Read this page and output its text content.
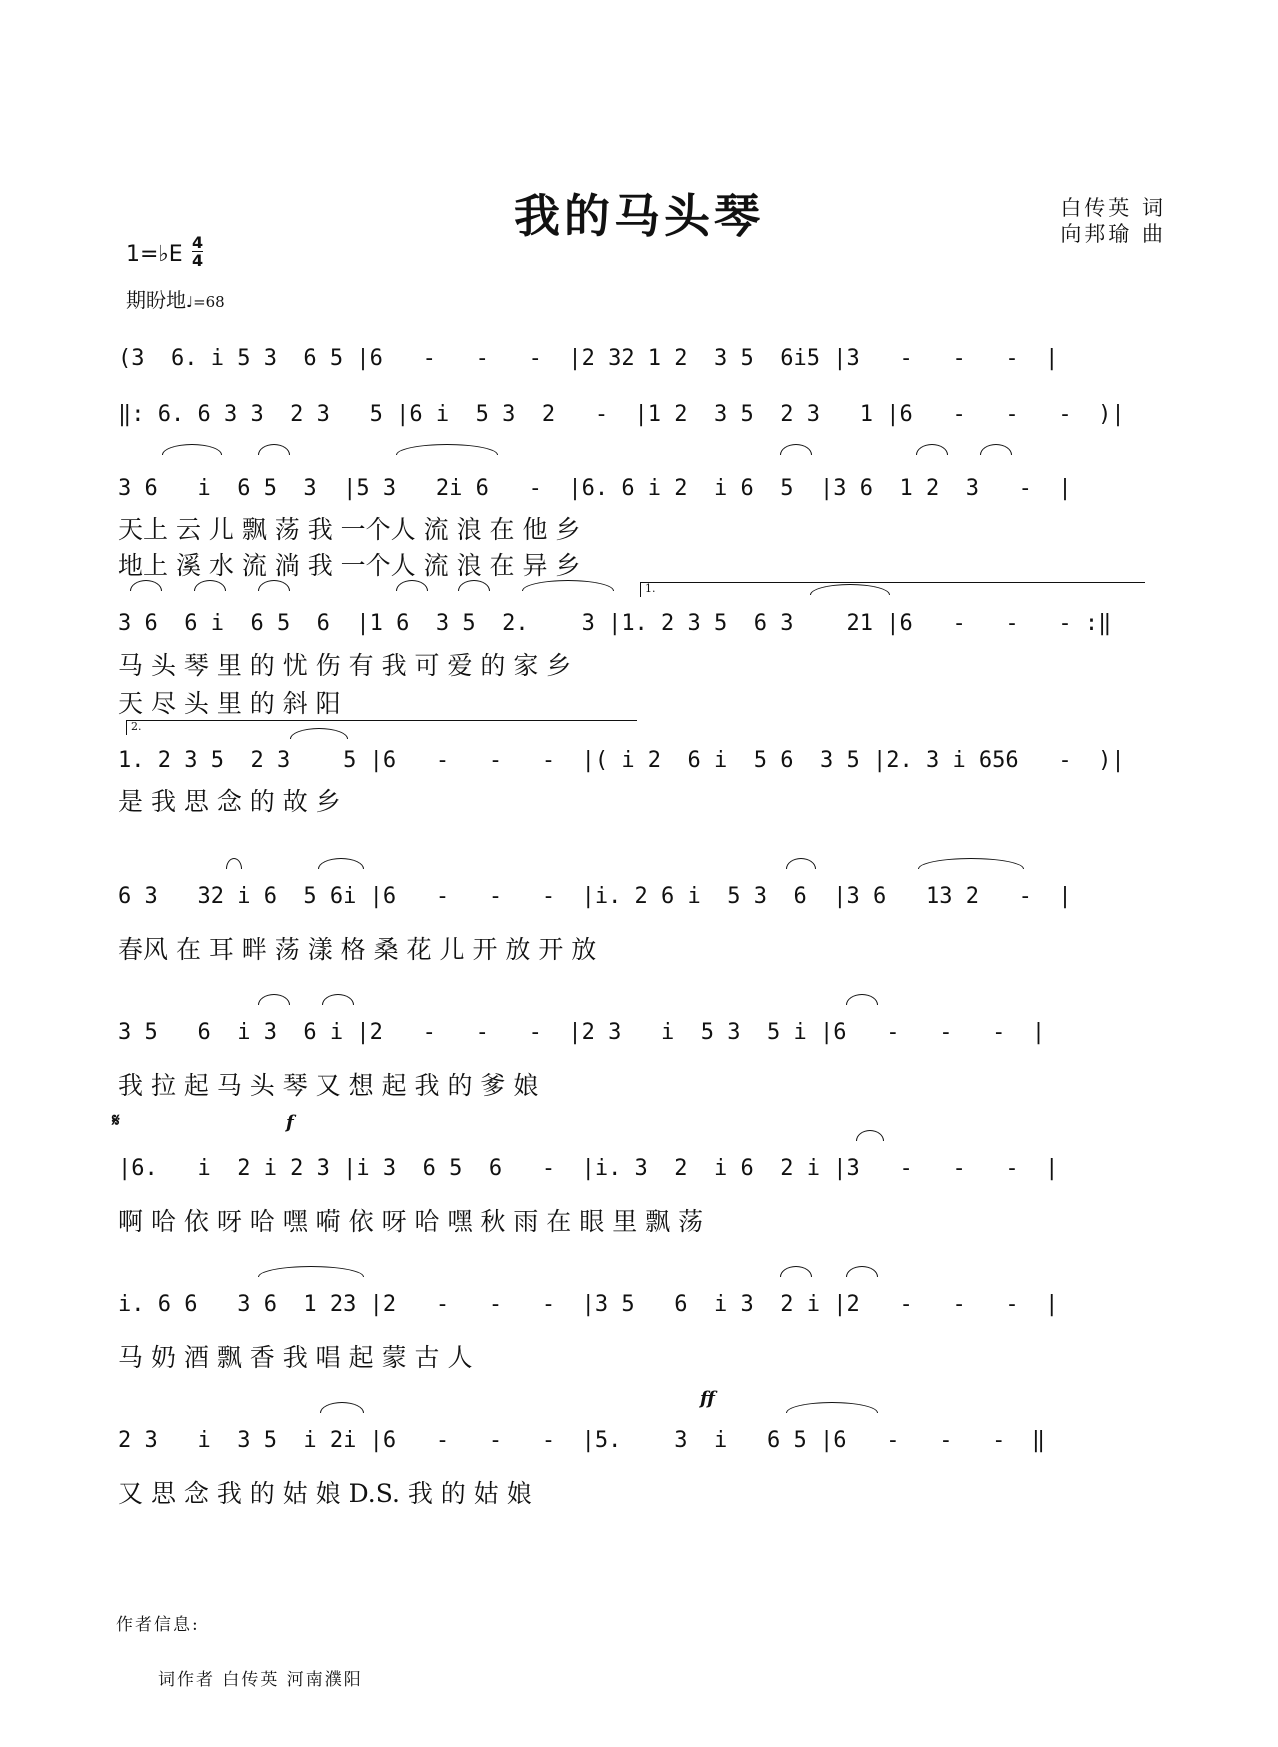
我的马头琴	白传英 词
向邦瑜 曲
1=♭E 4
4
期盼地♩=68
(3  6. i 5 3  6 5 |6   -   -   -  |2 32 1 2  3 5  6i5 |3   -   -   -  |
‖: 6. 6 3 3  2 3   5 |6 i  5 3  2   -  |1 2  3 5  2 3   1 |6   -   -   -  )|
3 6   i  6 5  3  |5 3   2i 6   -  |6. 6 i 2  i 6  5  |3 6  1 2  3   -  |
天上 云 儿 飘 荡 我 一个人 流 浪 在 他 乡
地上 溪 水 流 淌 我 一个人 流 浪 在 异 乡
1.
3 6  6 i  6 5  6  |1 6  3 5  2.    3 |1. 2 3 5  6 3    21 |6   -   -   - :‖
马 头 琴 里 的 忧 伤 有 我 可 爱 的 家 乡
天 尽 头 里 的 斜 阳
2.
1. 2 3 5  2 3    5 |6   -   -   -  |( i 2  6 i  5 6  3 5 |2. 3 i 656   -  )|
是 我 思 念 的 故 乡
6 3   32 i 6  5 6i |6   -   -   -  |i. 2 6 i  5 3  6  |3 6   13 2   -  |
春风 在 耳 畔 荡 漾 格 桑 花 儿 开 放 开 放
3 5   6  i 3  6 i |2   -   -   -  |2 3   i  5 3  5 i |6   -   -   -  |
我 拉 起 马 头 琴 又 想 起 我 的 爹 娘
𝄋	f
|6.   i  2 i 2 3 |i 3  6 5  6   -  |i. 3  2  i 6  2 i |3   -   -   -  |
啊 哈 依 呀 哈 嘿 嗬 依 呀 哈 嘿 秋 雨 在 眼 里 飘 荡
i. 6 6   3 6  1 23 |2   -   -   -  |3 5   6  i 3  2 i |2   -   -   -  |
马 奶 酒 飘 香 我 唱 起 蒙 古 人
ff
2 3   i  3 5  i 2i |6   -   -   -  |5.    3  i   6 5 |6   -   -   -  ‖
又 思 念 我 的 姑 娘 D.S. 我 的 姑 娘
作者信息:
词作者 白传英 河南濮阳
